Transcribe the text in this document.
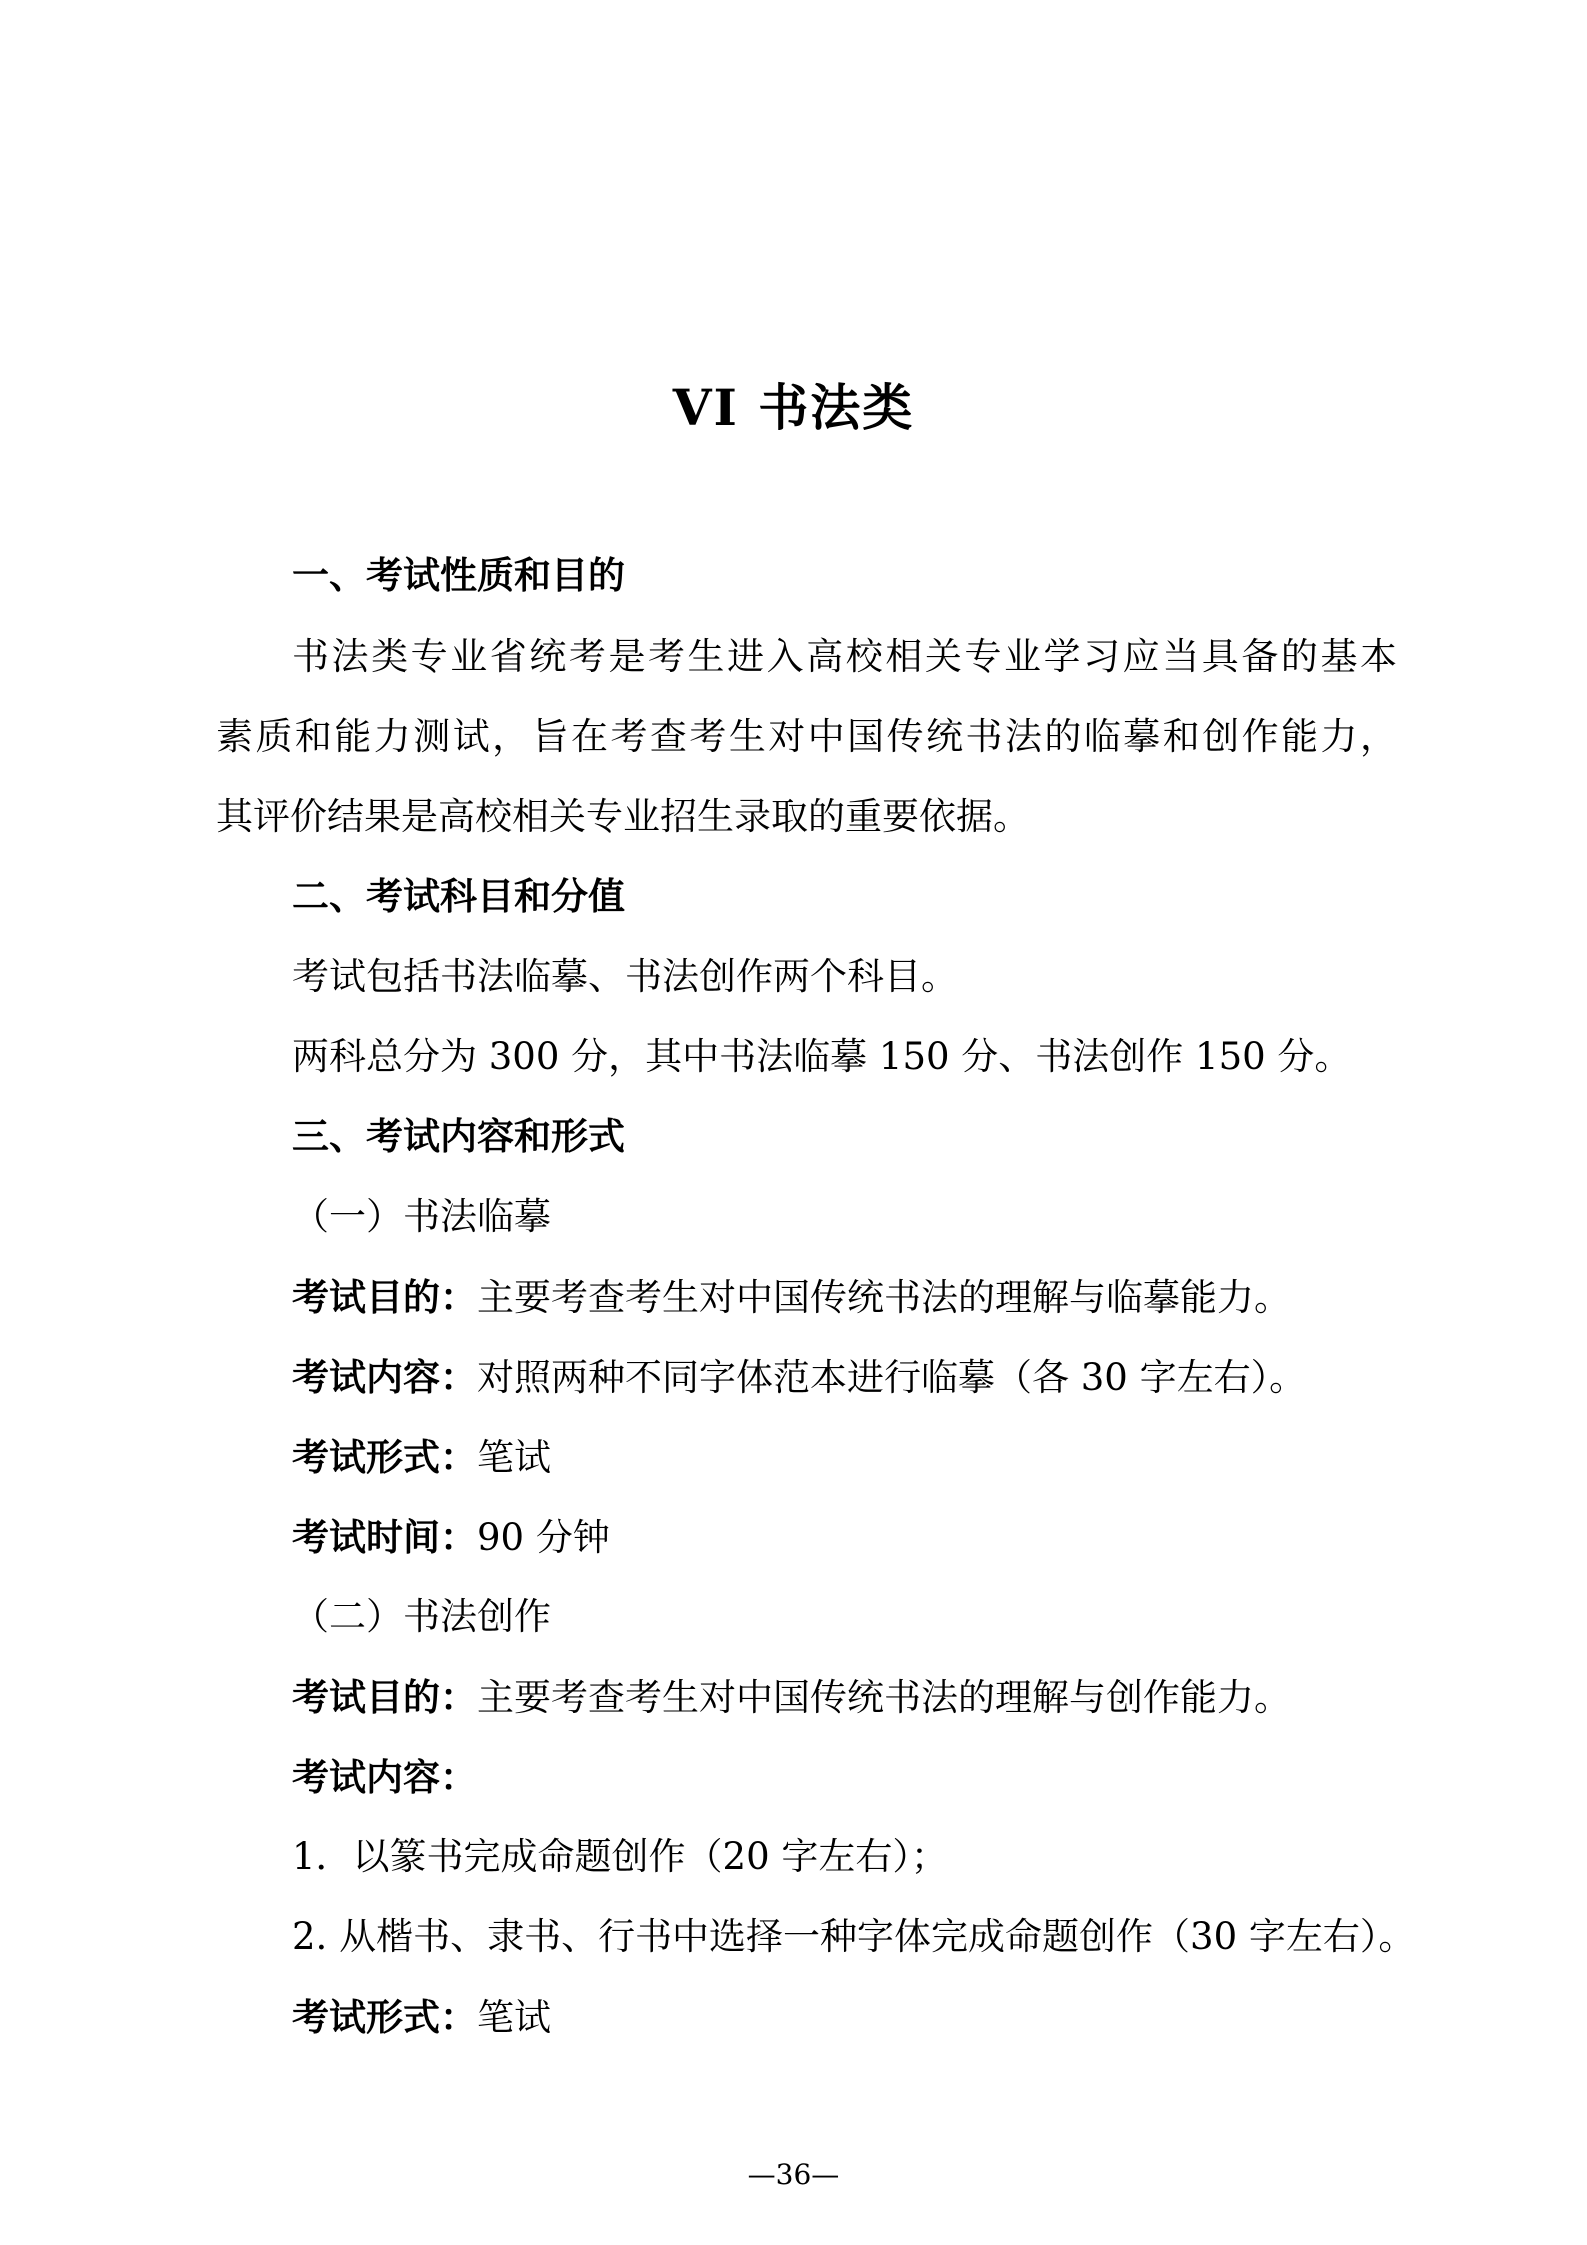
VI 书法类
一、考试性质和目的
书法类专业省统考是考生进入高校相关专业学习应当具备的基本
素质和能力测试，旨在考查考生对中国传统书法的临摹和创作能力，
其评价结果是高校相关专业招生录取的重要依据。
二、考试科目和分值
考试包括书法临摹、书法创作两个科目。
两科总分为 300 分，其中书法临摹 150 分、书法创作 150 分。
三、考试内容和形式
（一）书法临摹
考试目的：主要考查考生对中国传统书法的理解与临摹能力。
考试内容：对照两种不同字体范本进行临摹（各 30 字左右）。
考试形式：笔试
考试时间：90 分钟
（二）书法创作
考试目的：主要考查考生对中国传统书法的理解与创作能力。
考试内容：
1．以篆书完成命题创作（20 字左右）；
2. 从楷书、隶书、行书中选择一种字体完成命题创作（30 字左右）。
考试形式：笔试
—36—
